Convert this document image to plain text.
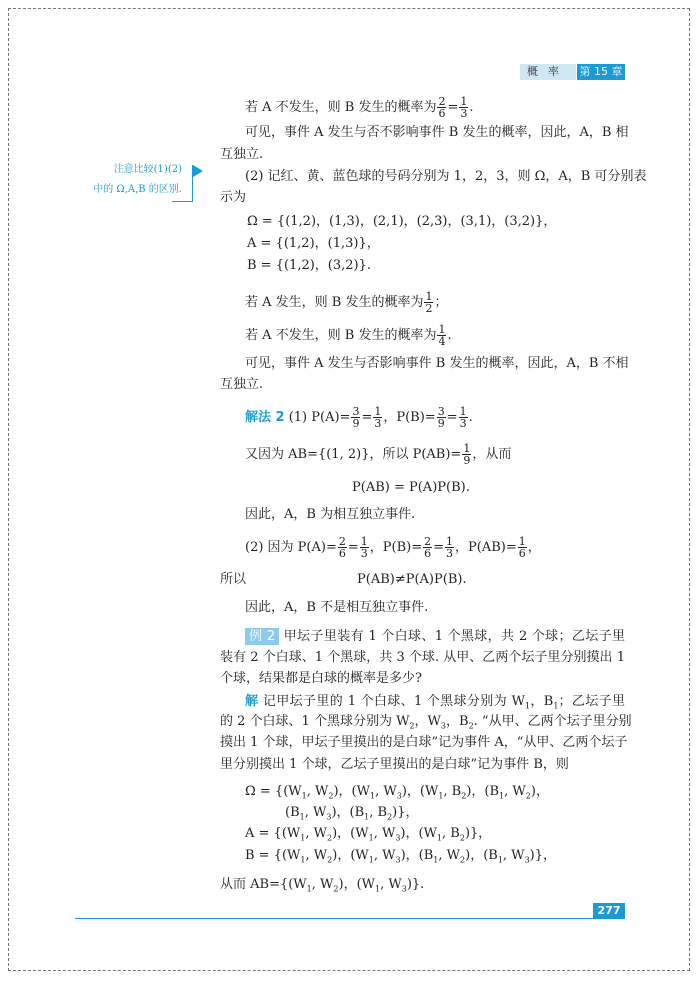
概率 第 15 章
注意比较(1)(2)
中的 Ω,A,B 的区别.
若 A 不发生，则 B 发生的概率为 $\frac{2}{6} = \frac{1}{3}$ .
可见，事件 A 发生与否不影响事件 B 发生的概率，因此，A，B 相
互独立.
(2) 记红、黄、蓝色球的号码分别为 1，2，3，则 Ω，A，B 可分别表
示为
Ω = {(1,2)，(1,3)，(2,1)，(2,3)，(3,1)，(3,2)}，
A = {(1,2)，(1,3)}，
B = {(1,2)，(3,2)}.
若 A 发生，则 B 发生的概率为 $\frac{1}{2}$ ；
若 A 不发生，则 B 发生的概率为 $\frac{1}{4}$ .
可见，事件 A 发生与否影响事件 B 发生的概率，因此，A，B 不相
互独立.
解法 2 (1) $P(A)= \frac{3}{9} = \frac{1}{3}$ ，$P(B)= \frac{3}{9} = \frac{1}{3}$ .
又因为 AB={(1, 2)}，所以 $P(AB)= \frac{1}{9}$ ，从而
P(AB) = P(A)P(B).
因此，A，B 为相互独立事件.
(2) 因为 $P(A)= \frac{2}{6} = \frac{1}{3}$ ，$P(B)= \frac{2}{6} = \frac{1}{3}$ ，$P(AB)= \frac{1}{6}$ ，
所以	P(AB)≠P(A)P(B).
因此，A，B 不是相互独立事件.
例 2 甲坛子里装有 1 个白球、1 个黑球，共 2 个球；乙坛子里
装有 2 个白球、1 个黑球，共 3 个球. 从甲、乙两个坛子里分别摸出 1
个球，结果都是白球的概率是多少?
解 记甲坛子里的 1 个白球、1 个黑球分别为 $W_1$，$B_1$；乙坛子里
的 2 个白球、1 个黑球分别为 $W_2$，$W_3$，$B_2$. “从甲、乙两个坛子里分别
摸出 1 个球，甲坛子里摸出的是白球”记为事件 A，“从甲、乙两个坛子
里分别摸出 1 个球，乙坛子里摸出的是白球”记为事件 B，则
$\Omega = \{(W_1$, $W_2$)，($W_1$, $W_3$)，($W_1$, $B_2$)，($B_1$, $W_2$)，
($B_1$, $W_3$)，($B_1$, $B_2$)}，
$A = \{(W_1$, $W_2$)，($W_1$, $W_3$)，($W_1$, $B_2$)}，
$B = \{(W_1$, $W_2$)，($W_1$, $W_3$)，($B_1$, $W_2$)，($B_1$, $W_3$)}，
从而 $AB=\{(W_1$, $W_2$)，($W_1$, $W_3$)}.
277
